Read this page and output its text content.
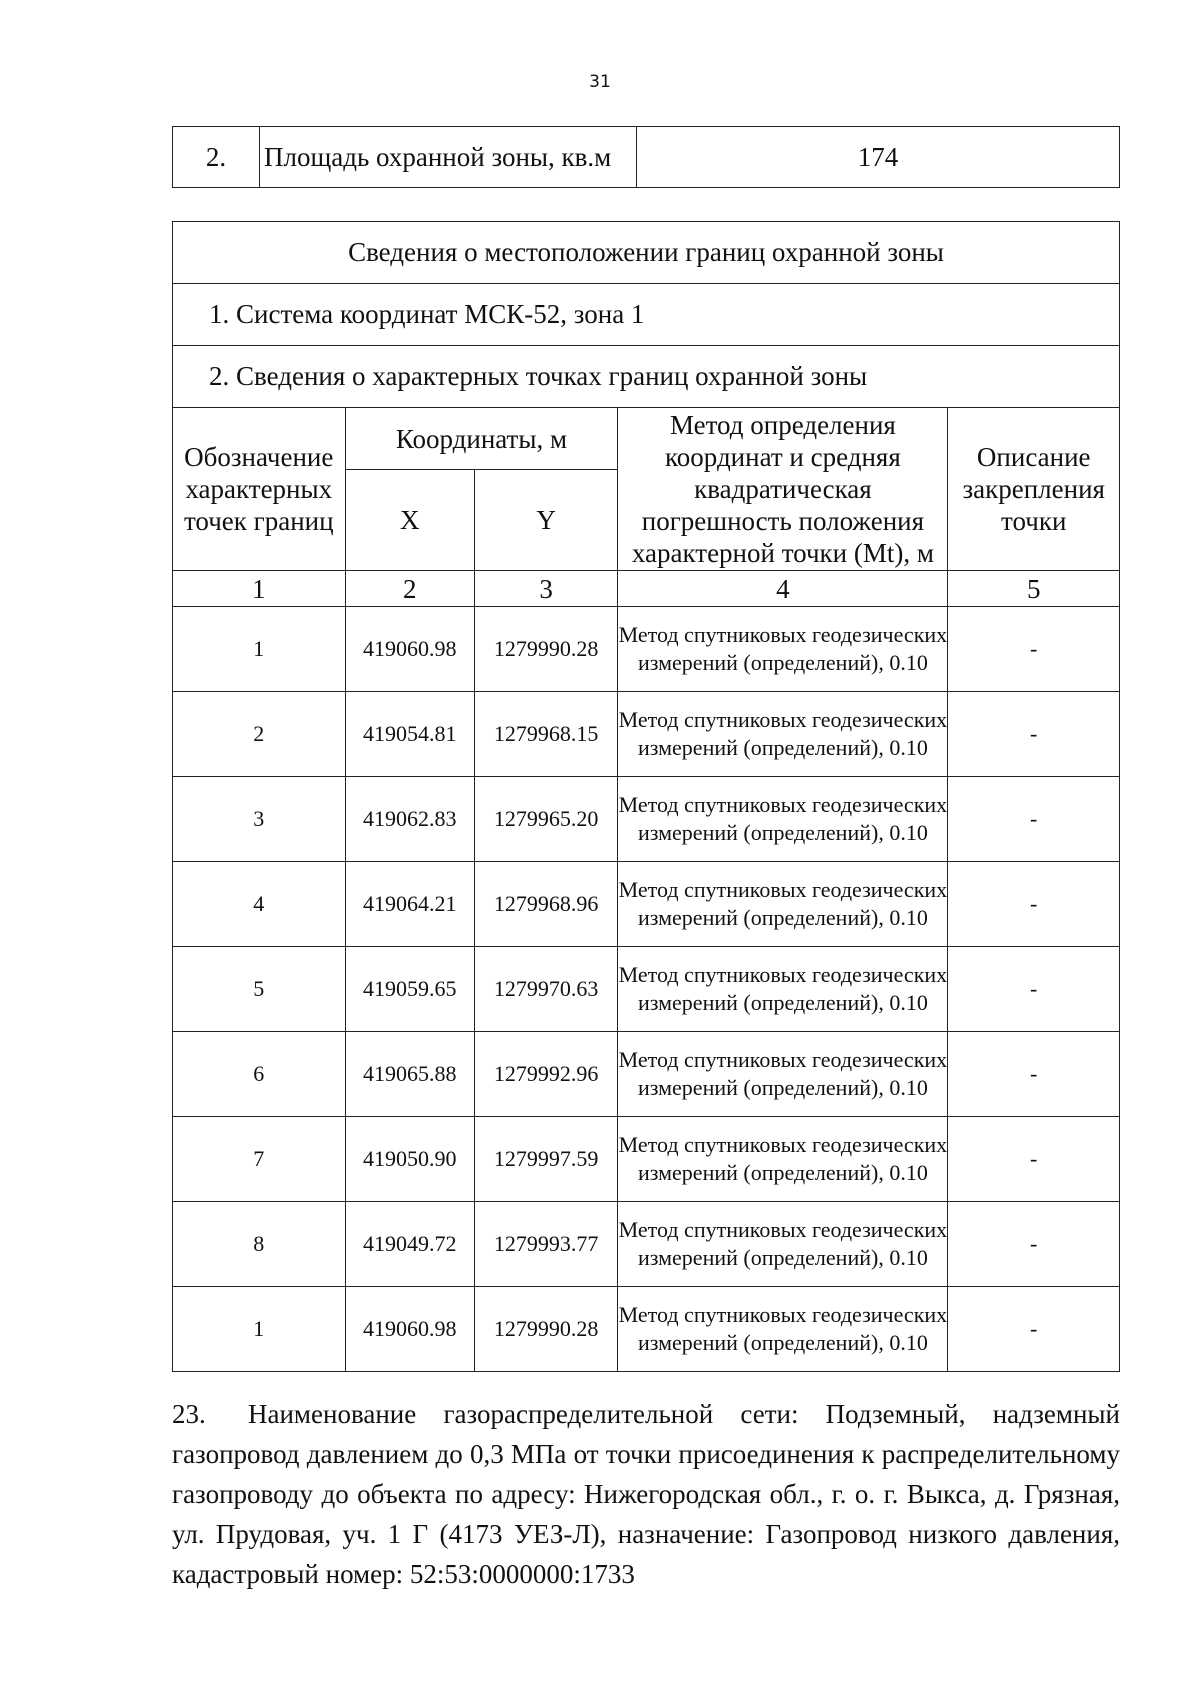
31
2.	Площадь охранной зоны, кв.м	174
Сведения о местоположении границ охранной зоны				
1. Система координат МСК-52, зона 1				
2. Сведения о характерных точках границ охранной зоны				
Обозначение характерных точек границ	Координаты, м		Метод определения координат и средняя квадратическая погрешность положения характерной точки (Mt), м	Описание закрепления точки
	X	Y		
1	2	3	4	5
1	419060.98	1279990.28	Метод спутниковых геодезических измерений (определений), 0.10	-
2	419054.81	1279968.15	Метод спутниковых геодезических измерений (определений), 0.10	-
3	419062.83	1279965.20	Метод спутниковых геодезических измерений (определений), 0.10	-
4	419064.21	1279968.96	Метод спутниковых геодезических измерений (определений), 0.10	-
5	419059.65	1279970.63	Метод спутниковых геодезических измерений (определений), 0.10	-
6	419065.88	1279992.96	Метод спутниковых геодезических измерений (определений), 0.10	-
7	419050.90	1279997.59	Метод спутниковых геодезических измерений (определений), 0.10	-
8	419049.72	1279993.77	Метод спутниковых геодезических измерений (определений), 0.10	-
1	419060.98	1279990.28	Метод спутниковых геодезических измерений (определений), 0.10	-
23. Наименование газораспределительной сети: Подземный, надземный газопровод давлением до 0,3 МПа от точки присоединения к распределительному газопроводу до объекта по адресу: Нижегородская обл., г. о. г. Выкса, д. Грязная, ул. Прудовая, уч. 1 Г (4173 УЕЗ-Л), назначение: Газопровод низкого давления, кадастровый номер: 52:53:0000000:1733
